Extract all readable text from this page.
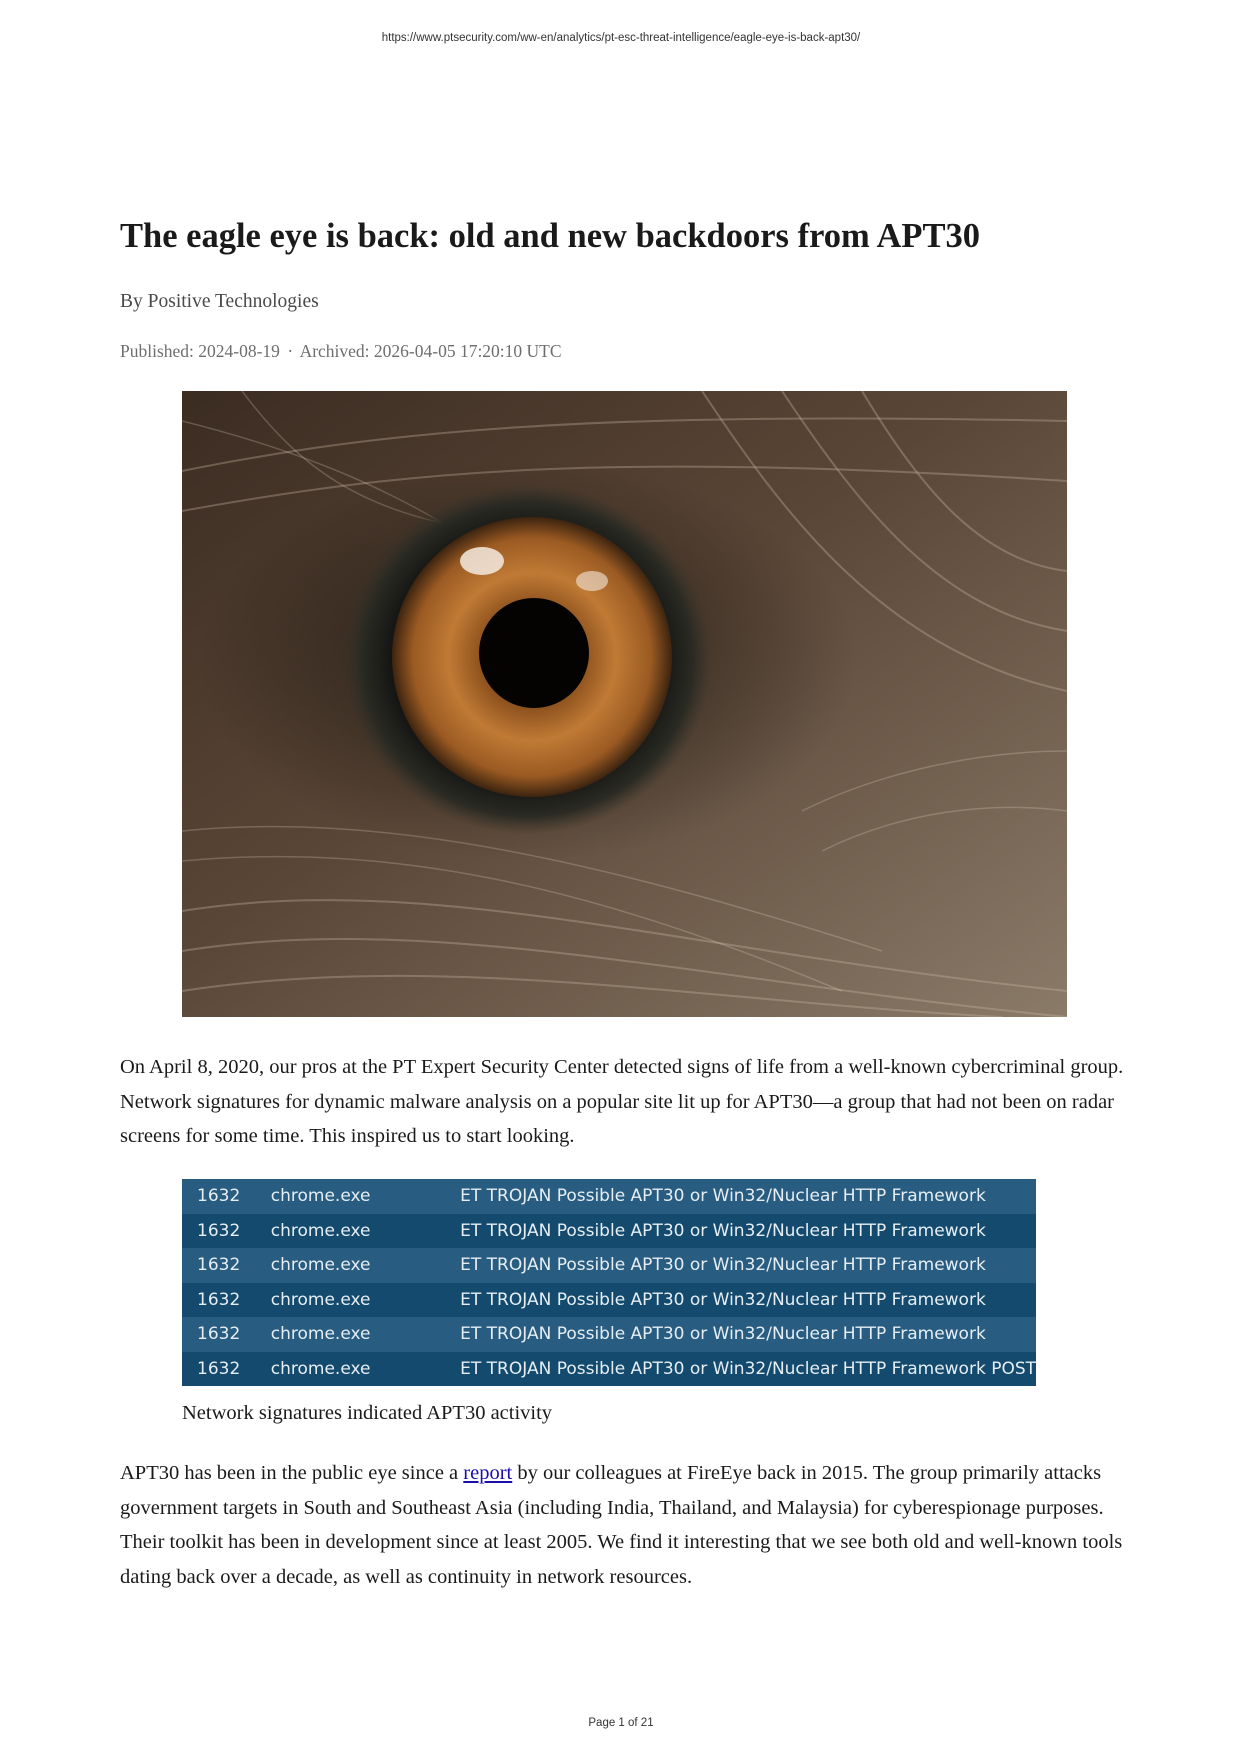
https://www.ptsecurity.com/ww-en/analytics/pt-esc-threat-intelligence/eagle-eye-is-back-apt30/
The eagle eye is back: old and new backdoors from APT30
By Positive Technologies
Published: 2024-08-19 · Archived: 2026-04-05 17:20:10 UTC

On April 8, 2020, our pros at the PT Expert Security Center detected signs of life from a well-known cybercriminal group. Network signatures for dynamic malware analysis on a popular site lit up for APT30—a group that had not been on radar screens for some time. This inspired us to start looking.

1632	chrome.exe	ET TROJAN Possible APT30 or Win32/Nuclear HTTP Framework
1632	chrome.exe	ET TROJAN Possible APT30 or Win32/Nuclear HTTP Framework
1632	chrome.exe	ET TROJAN Possible APT30 or Win32/Nuclear HTTP Framework
1632	chrome.exe	ET TROJAN Possible APT30 or Win32/Nuclear HTTP Framework
1632	chrome.exe	ET TROJAN Possible APT30 or Win32/Nuclear HTTP Framework
1632	chrome.exe	ET TROJAN Possible APT30 or Win32/Nuclear HTTP Framework POST
Network signatures indicated APT30 activity

APT30 has been in the public eye since a report by our colleagues at FireEye back in 2015. The group primarily attacks government targets in South and Southeast Asia (including India, Thailand, and Malaysia) for cyberespionage purposes. Their toolkit has been in development since at least 2005. We find it interesting that we see both old and well-known tools dating back over a decade, as well as continuity in network resources.

Page 1 of 21
